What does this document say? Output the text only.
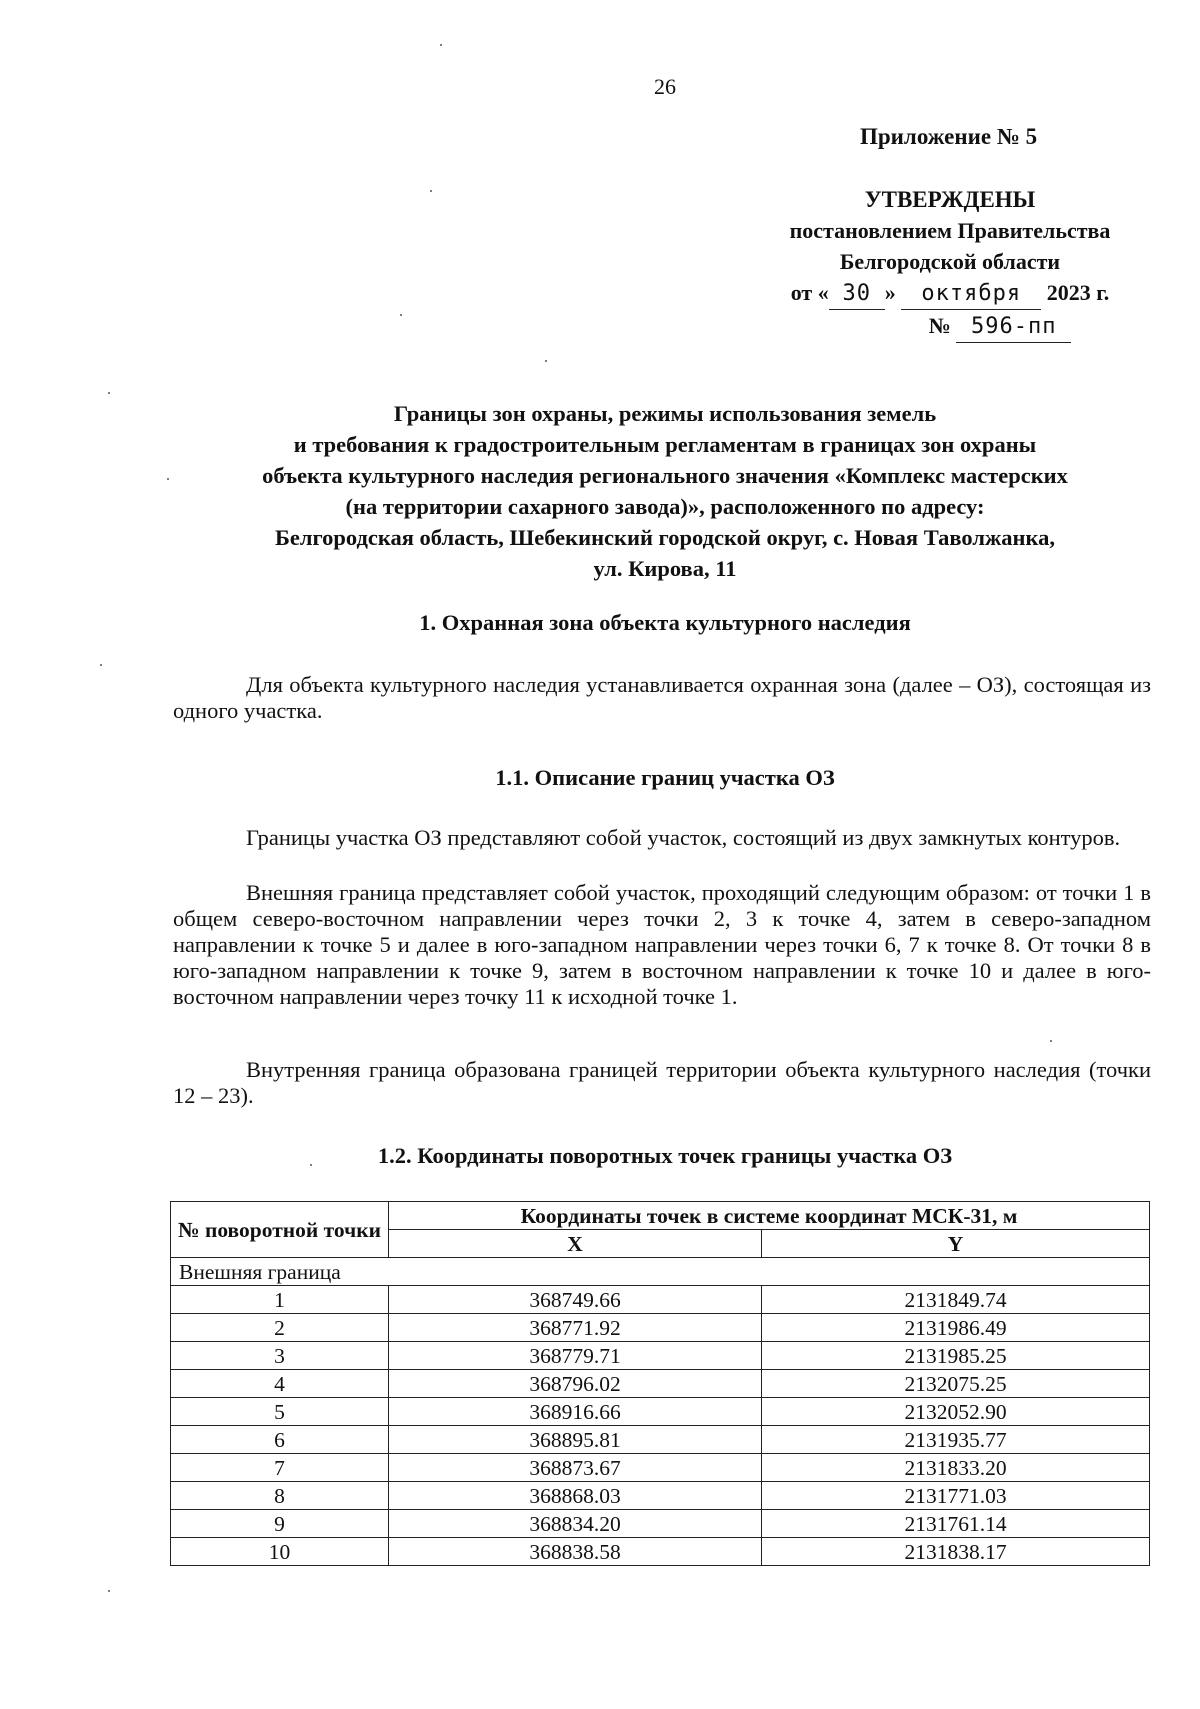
26
Приложение № 5
УТВЕРЖДЕНЫ
постановлением Правительства
Белгородской области
от « 30 » октября 2023 г.
№ 596-пп
Границы зон охраны, режимы использования земель
и требования к градостроительным регламентам в границах зон охраны
объекта культурного наследия регионального значения «Комплекс мастерских
(на территории сахарного завода)», расположенного по адресу:
Белгородская область, Шебекинский городской округ, с. Новая Таволжанка,
ул. Кирова, 11
1. Охранная зона объекта культурного наследия
Для объекта культурного наследия устанавливается охранная зона (далее – ОЗ), состоящая из одного участка.
1.1. Описание границ участка ОЗ
Границы участка ОЗ представляют собой участок, состоящий из двух замкнутых контуров.
Внешняя граница представляет собой участок, проходящий следующим образом: от точки 1 в общем северо-восточном направлении через точки 2, 3 к точке 4, затем в северо-западном направлении к точке 5 и далее в юго-западном направлении через точки 6, 7 к точке 8. От точки 8 в юго-западном направлении к точке 9, затем в восточном направлении к точке 10 и далее в юго-восточном направлении через точку 11 к исходной точке 1.
Внутренняя граница образована границей территории объекта культурного наследия (точки 12 – 23).
1.2. Координаты поворотных точек границы участка ОЗ
№ поворотной точки	Координаты точек в системе координат МСК-31, м	
	X	Y
Внешняя граница		
1	368749.66	2131849.74
2	368771.92	2131986.49
3	368779.71	2131985.25
4	368796.02	2132075.25
5	368916.66	2132052.90
6	368895.81	2131935.77
7	368873.67	2131833.20
8	368868.03	2131771.03
9	368834.20	2131761.14
10	368838.58	2131838.17
